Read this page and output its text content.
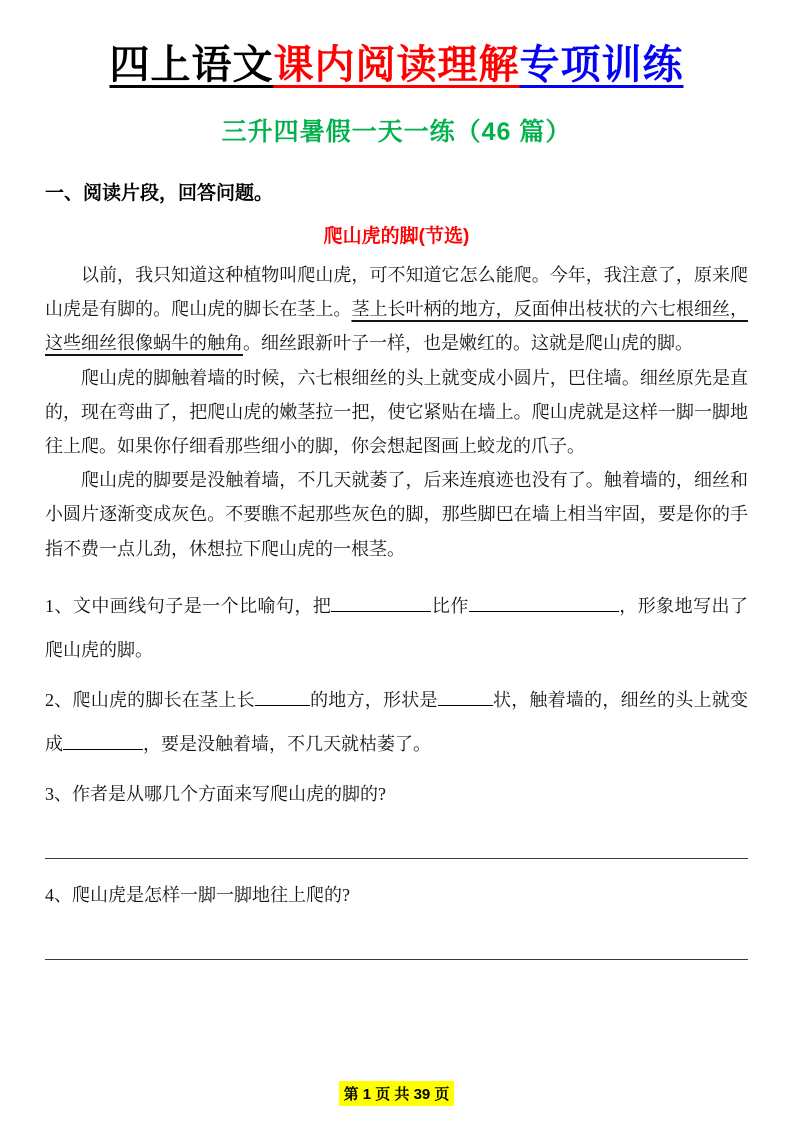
四上语文课内阅读理解专项训练
三升四暑假一天一练（46 篇）
一、阅读片段，回答问题。
爬山虎的脚(节选)

以前，我只知道这种植物叫爬山虎，可不知道它怎么能爬。今年，我注意了，原来爬山虎是有脚的。爬山虎的脚长在茎上。茎上长叶柄的地方，反面伸出枝状的六七根细丝，这些细丝很像蜗牛的触角。细丝跟新叶子一样，也是嫩红的。这就是爬山虎的脚。

爬山虎的脚触着墙的时候，六七根细丝的头上就变成小圆片，巴住墙。细丝原先是直的，现在弯曲了，把爬山虎的嫩茎拉一把，使它紧贴在墙上。爬山虎就是这样一脚一脚地往上爬。如果你仔细看那些细小的脚，你会想起图画上蛟龙的爪子。

爬山虎的脚要是没触着墙，不几天就萎了，后来连痕迹也没有了。触着墙的，细丝和小圆片逐渐变成灰色。不要瞧不起那些灰色的脚，那些脚巴在墙上相当牢固，要是你的手指不费一点儿劲，休想拉下爬山虎的一根茎。

1、文中画线句子是一个比喻句，把	比作	，形象地写出了爬山虎的脚。
2、爬山虎的脚长在茎上长	的地方，形状是	状，触着墙的，细丝的头上就变成	，要是没触着墙，不几天就枯萎了。
3、作者是从哪几个方面来写爬山虎的脚的?
4、爬山虎是怎样一脚一脚地往上爬的?
第 1 页 共 39 页
